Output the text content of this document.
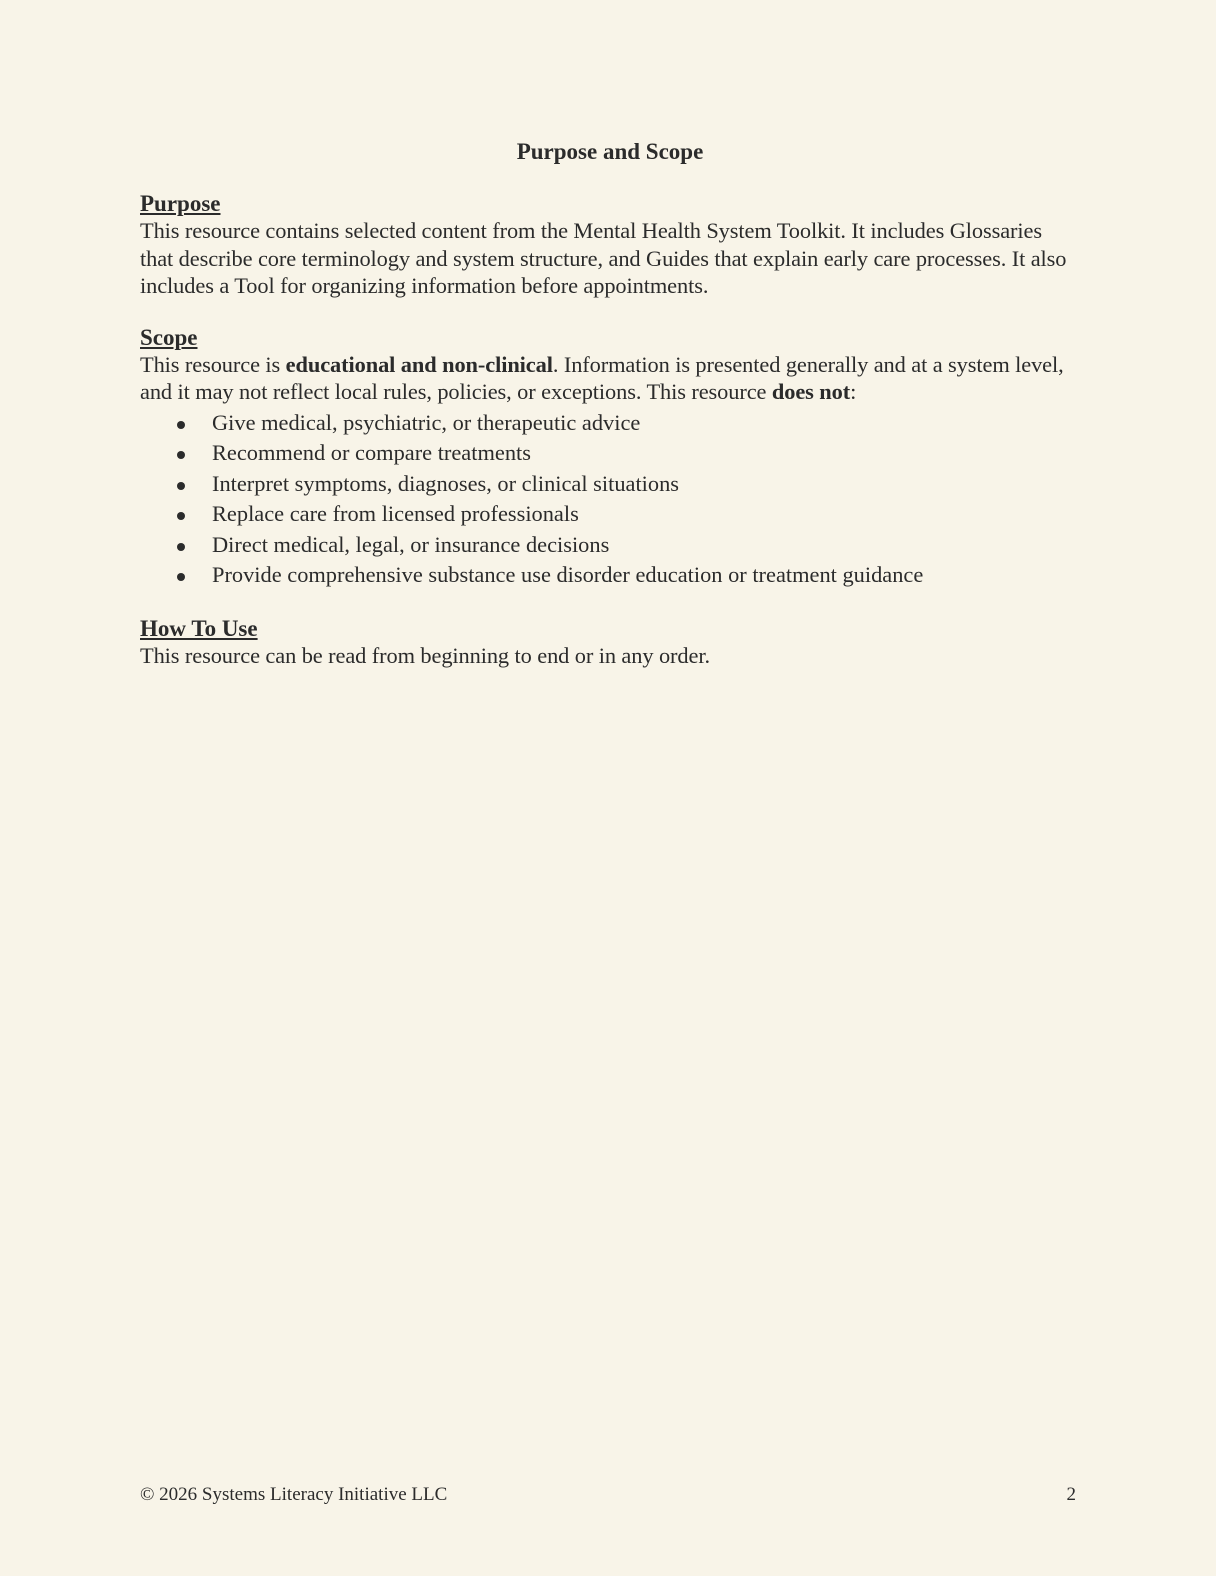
Purpose and Scope
Purpose

This resource contains selected content from the Mental Health System Toolkit. It includes Glossaries that describe core terminology and system structure, and Guides that explain early care processes. It also includes a Tool for organizing information before appointments.

Scope

This resource is educational and non-clinical. Information is presented generally and at a system level, and it may not reflect local rules, policies, or exceptions. This resource does not:

Give medical, psychiatric, or therapeutic advice
Recommend or compare treatments
Interpret symptoms, diagnoses, or clinical situations
Replace care from licensed professionals
Direct medical, legal, or insurance decisions
Provide comprehensive substance use disorder education or treatment guidance
How To Use

This resource can be read from beginning to end or in any order.

© 2026 Systems Literacy Initiative LLC	2
